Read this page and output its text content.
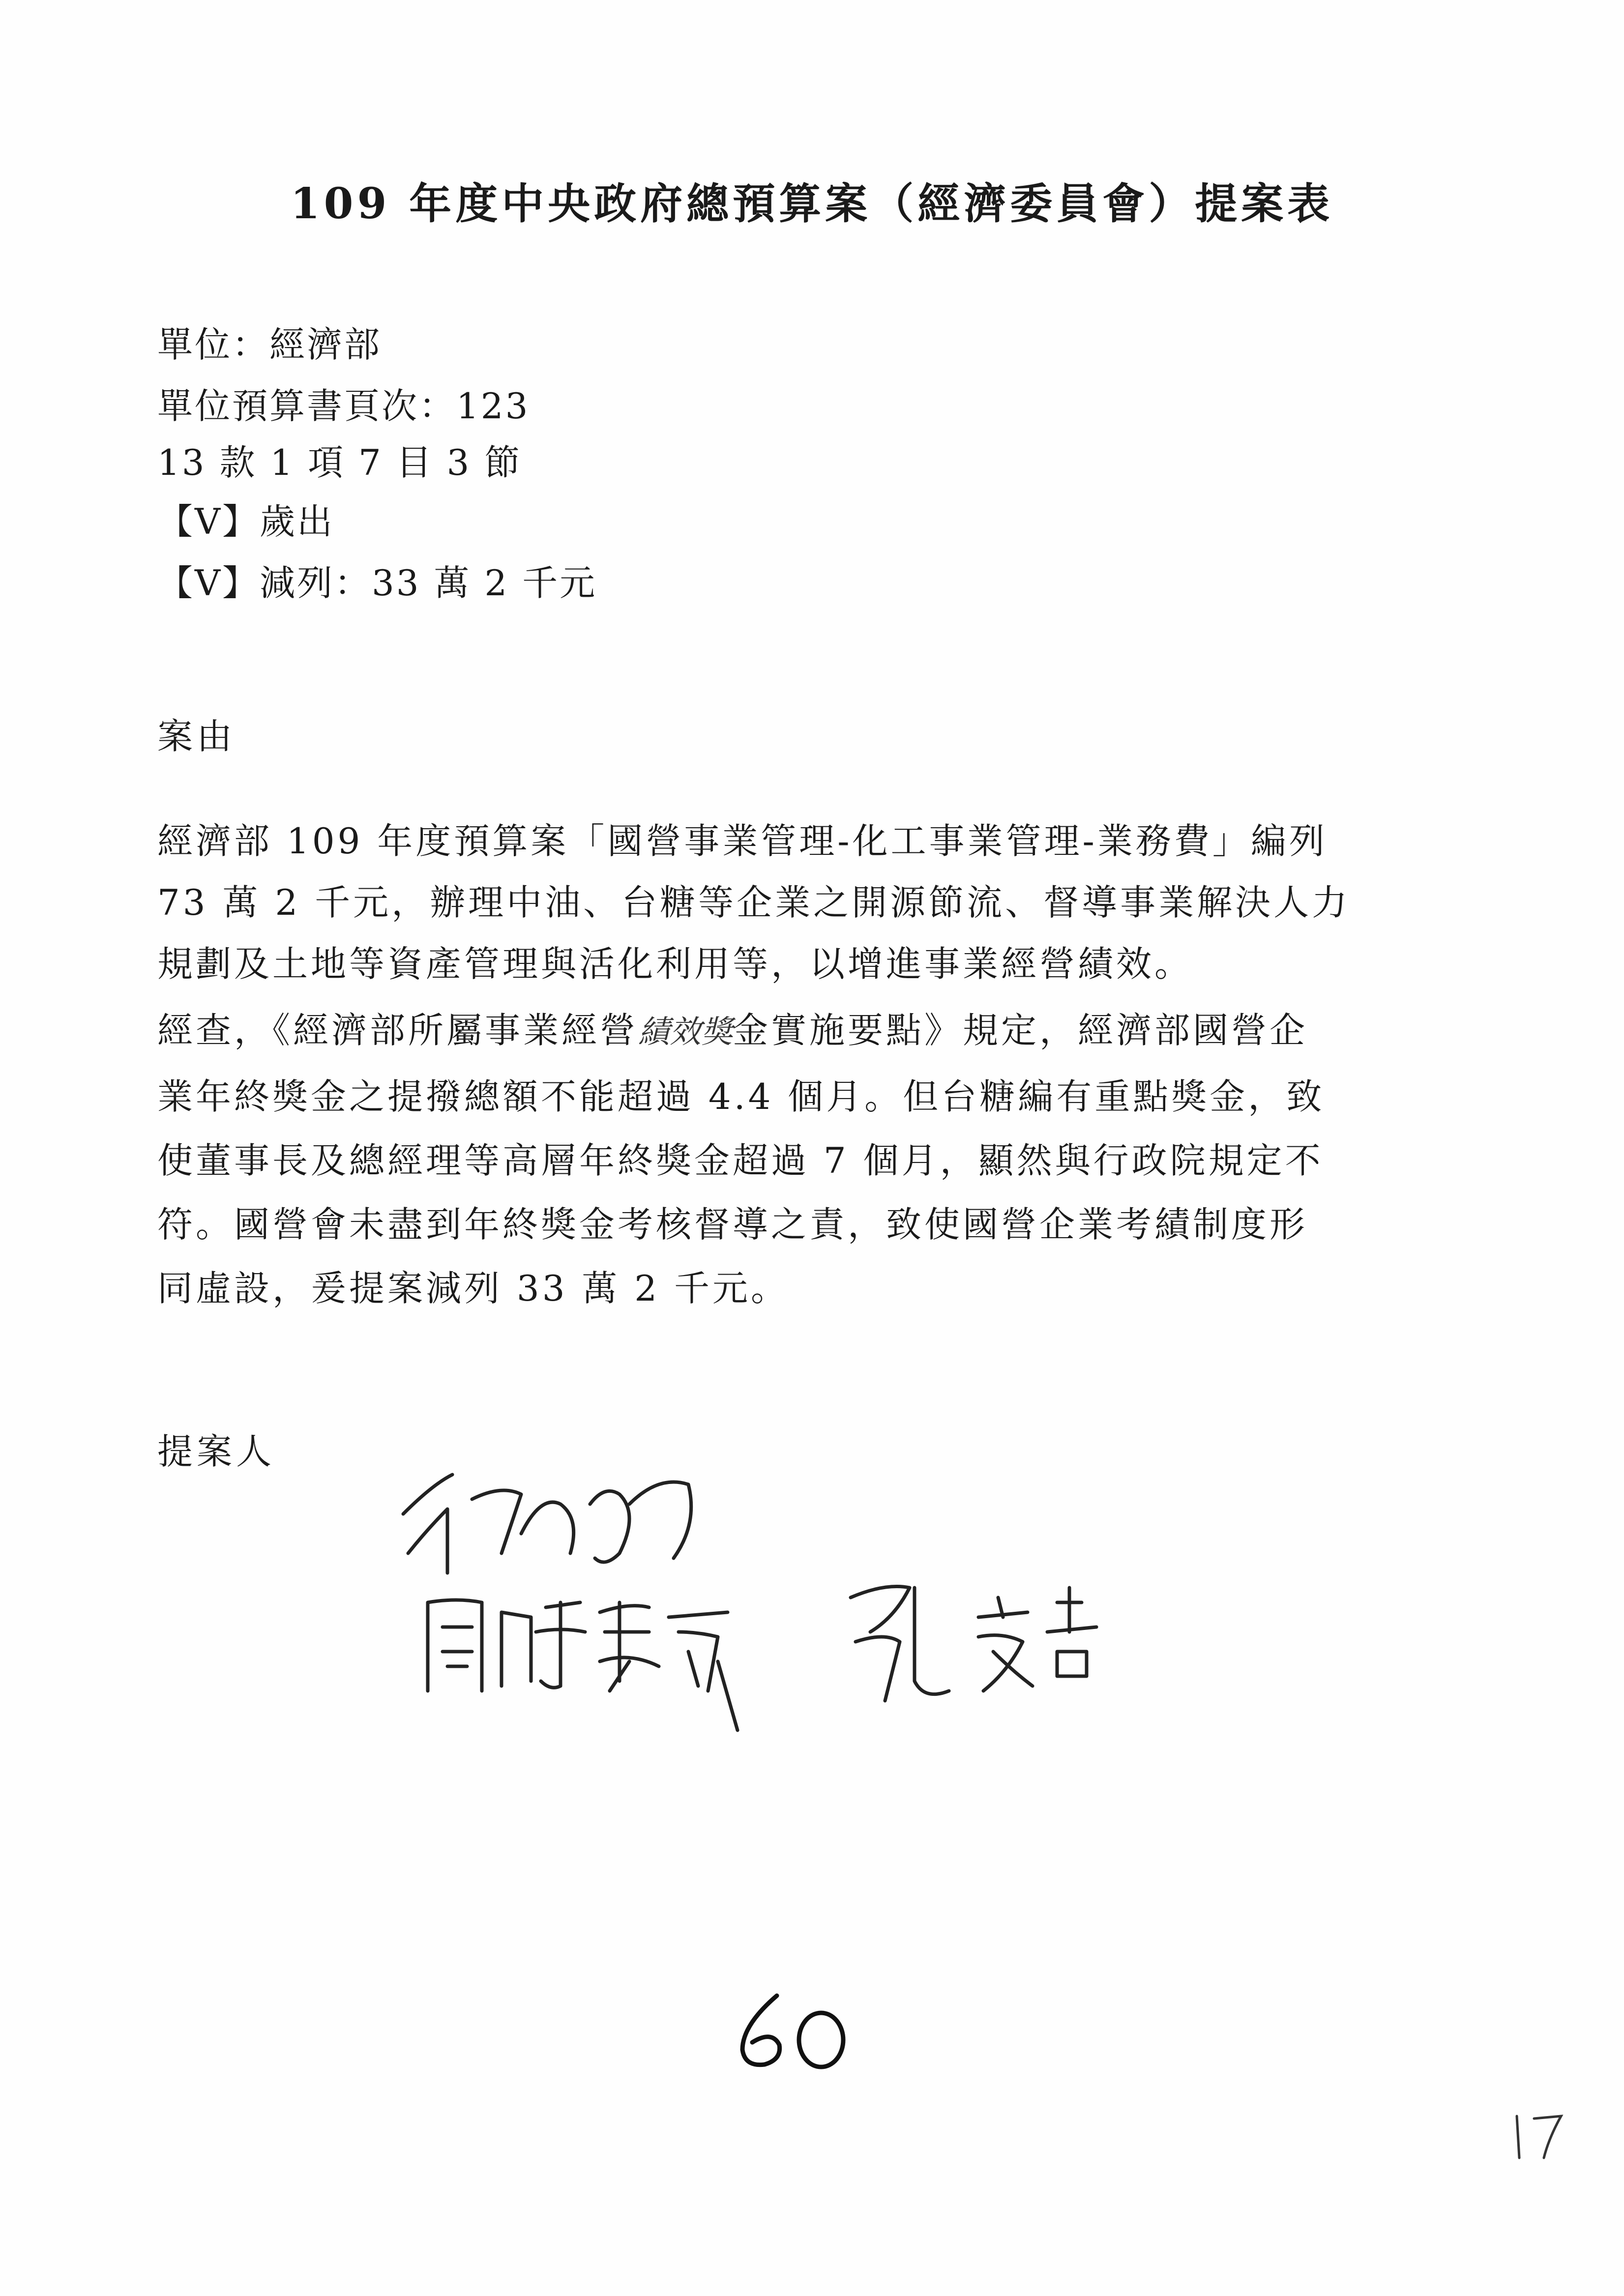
109 年度中央政府總預算案（經濟委員會）提案表
單位：經濟部
單位預算書頁次：123
13 款 1 項 7 目 3 節
【V】歲出
【V】減列：33 萬 2 千元
案由
經濟部 109 年度預算案「國營事業管理-化工事業管理-業務費」編列
73 萬 2 千元，辦理中油、台糖等企業之開源節流、督導事業解決人力
規劃及土地等資產管理與活化利用等，以增進事業經營績效。
經查，《經濟部所屬事業經營績效獎金實施要點》規定，經濟部國營企
業年終獎金之提撥總額不能超過 4.4 個月。但台糖編有重點獎金，致
使董事長及總經理等高層年終獎金超過 7 個月，顯然與行政院規定不
符。國營會未盡到年終獎金考核督導之責，致使國營企業考績制度形
同虛設，爰提案減列 33 萬 2 千元。
提案人
